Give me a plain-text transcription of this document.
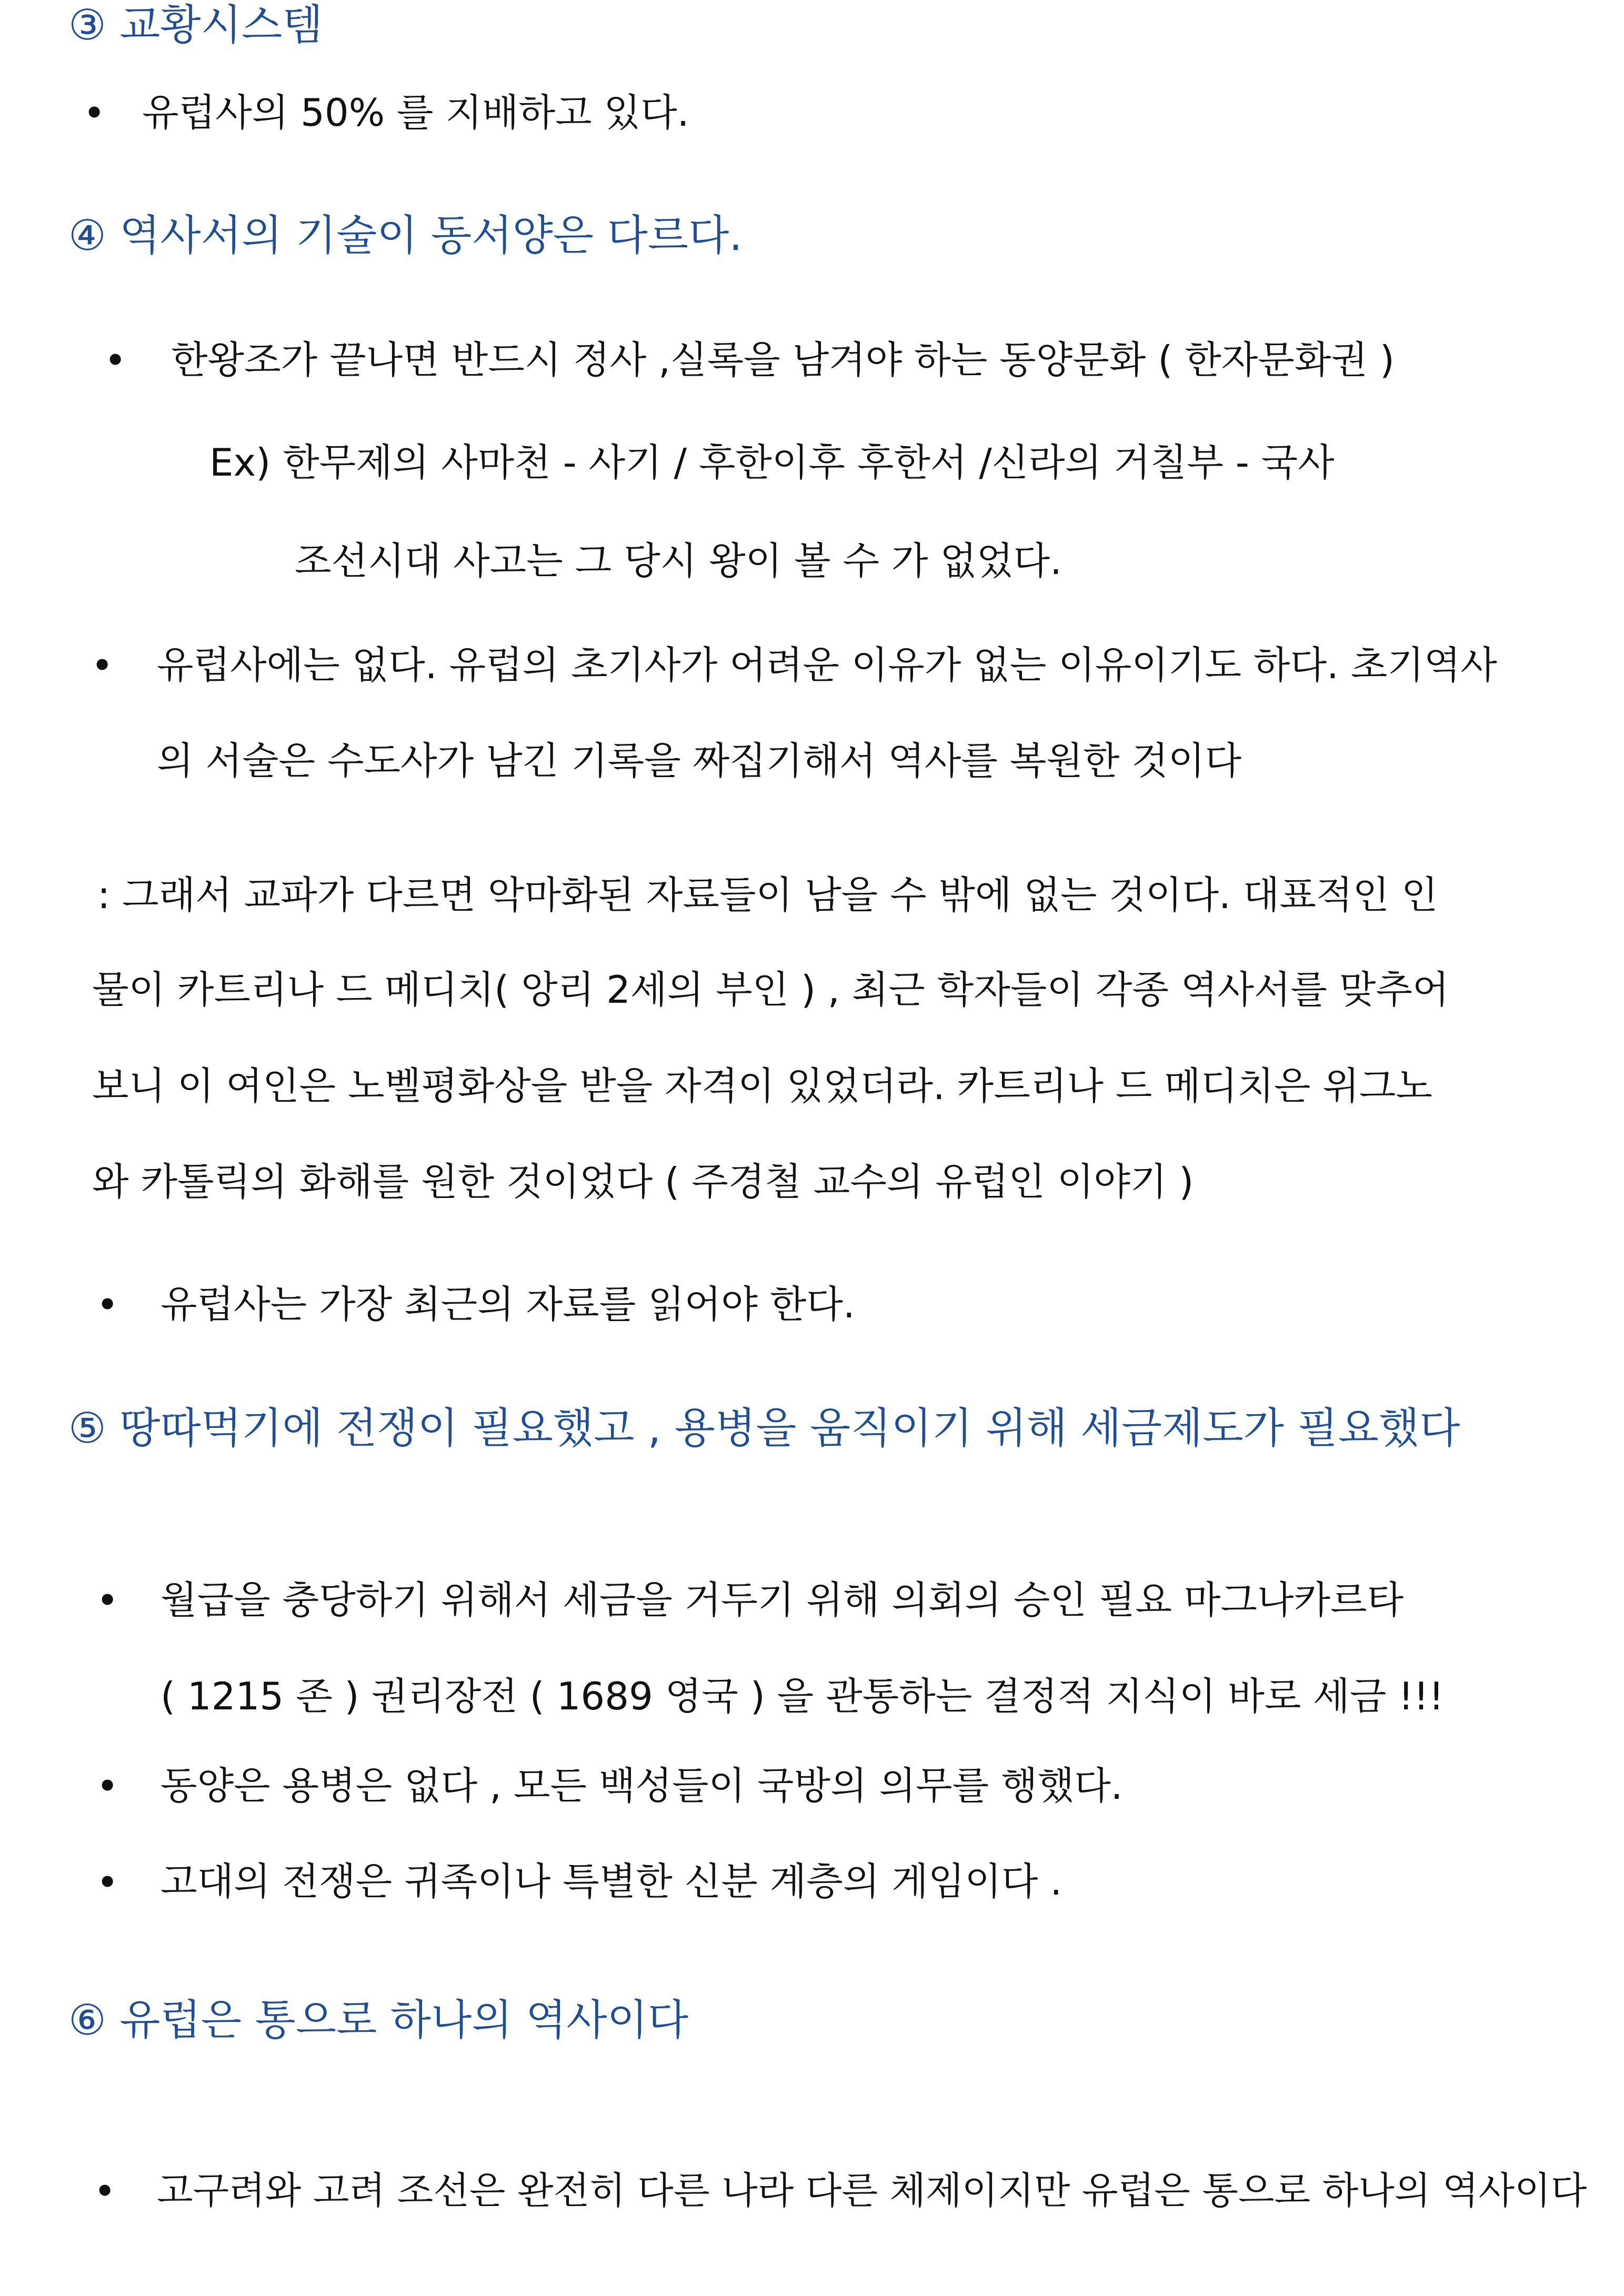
③ 교황시스템
• 유럽사의 50% 를 지배하고 있다.
④ 역사서의 기술이 동서양은 다르다.
• 한왕조가 끝나면 반드시 정사 ,실록을 남겨야 하는 동양문화 ( 한자문화권 )
Ex) 한무제의 사마천 - 사기 / 후한이후 후한서 /신라의 거칠부 - 국사
조선시대 사고는 그 당시 왕이 볼 수 가 없었다.
• 유럽사에는 없다. 유럽의 초기사가 어려운 이유가 없는 이유이기도 하다. 초기역사
의 서술은 수도사가 남긴 기록을 짜집기해서 역사를 복원한 것이다
: 그래서 교파가 다르면 악마화된 자료들이 남을 수 밖에 없는 것이다. 대표적인 인
물이 카트리나 드 메디치( 앙리 2세의 부인 ) , 최근 학자들이 각종 역사서를 맞추어
보니 이 여인은 노벨평화상을 받을 자격이 있었더라. 카트리나 드 메디치은 위그노
와 카톨릭의 화해를 원한 것이었다 ( 주경철 교수의 유럽인 이야기 )
• 유럽사는 가장 최근의 자료를 읽어야 한다.
⑤ 땅따먹기에 전쟁이 필요했고 , 용병을 움직이기 위해 세금제도가 필요했다
• 월급을 충당하기 위해서 세금을 거두기 위해 의회의 승인 필요 마그나카르타
( 1215 존 ) 권리장전 ( 1689 영국 ) 을 관통하는 결정적 지식이 바로 세금 !!!
• 동양은 용병은 없다 , 모든 백성들이 국방의 의무를 행했다.
• 고대의 전쟁은 귀족이나 특별한 신분 계층의 게임이다 .
⑥ 유럽은 통으로 하나의 역사이다
• 고구려와 고려 조선은 완전히 다른 나라 다른 체제이지만 유럽은 통으로 하나의 역사이다
